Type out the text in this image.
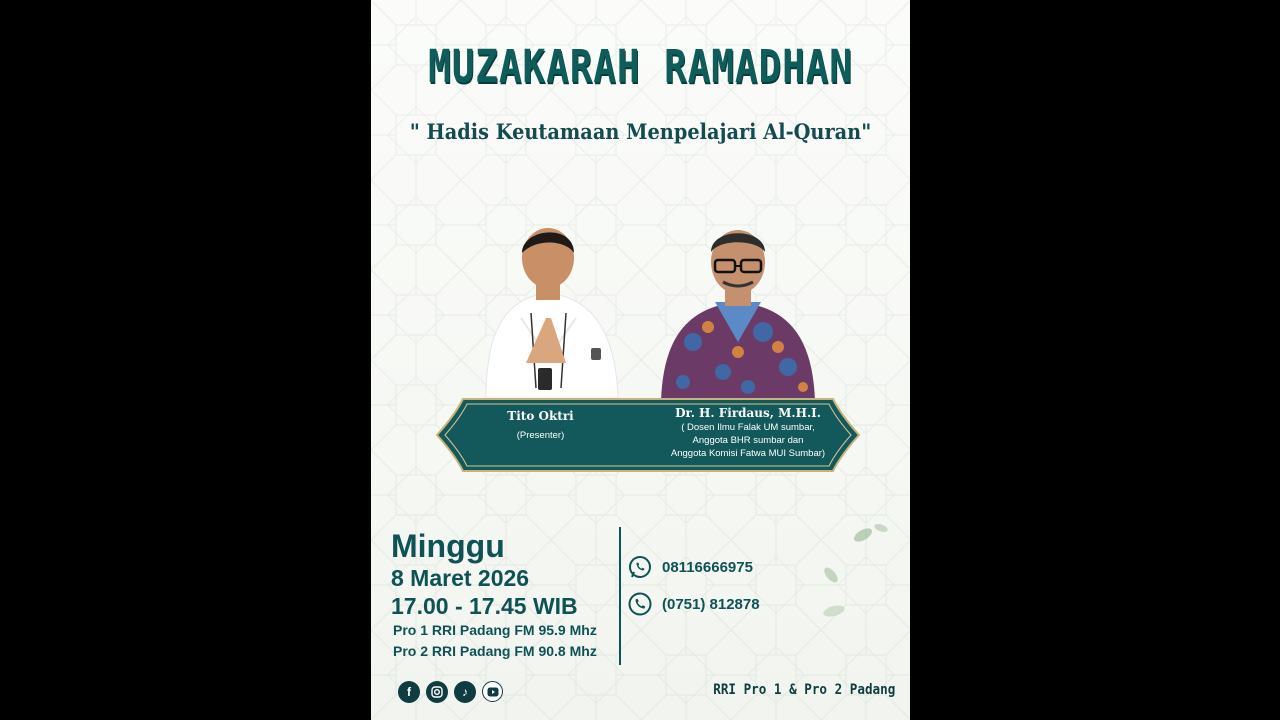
MUZAKARAH RAMADHAN
" Hadis Keutamaan Menpelajari Al-Quran"
Tito Oktri
(Presenter)
Dr. H. Firdaus, M.H.I.
( Dosen Ilmu Falak UM sumbar,
Anggota BHR sumbar dan
Anggota Komisi Fatwa MUI Sumbar)
Minggu
8 Maret 2026
17.00 - 17.45 WIB
Pro 1 RRI Padang FM 95.9 Mhz
Pro 2 RRI Padang FM 90.8 Mhz
08116666975
(0751) 812878
f	♪	RRI Pro 1 & Pro 2 Padang
